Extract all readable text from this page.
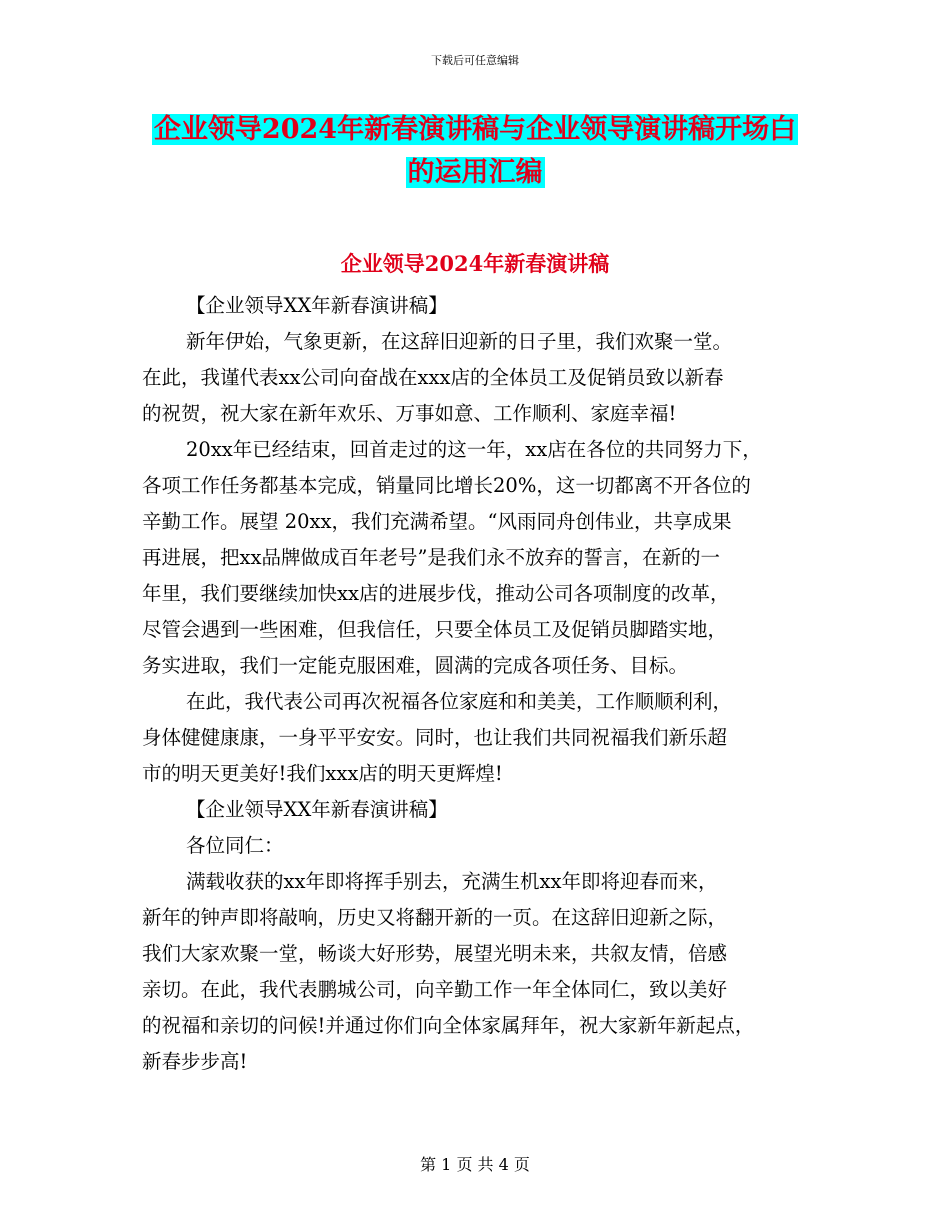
下载后可任意编辑
企业领导2024年新春演讲稿与企业领导演讲稿开场白
的运用汇编
企业领导2024年新春演讲稿
【企业领导XX年新春演讲稿】
新年伊始，气象更新，在这辞旧迎新的日子里，我们欢聚一堂。
在此，我谨代表xx公司向奋战在xxx店的全体员工及促销员致以新春
的祝贺，祝大家在新年欢乐、万事如意、工作顺利、家庭幸福!
20xx年已经结束，回首走过的这一年，xx店在各位的共同努力下，
各项工作任务都基本完成，销量同比增长20%，这一切都离不开各位的
辛勤工作。展望 20xx，我们充满希望。“风雨同舟创伟业，共享成果
再进展，把xx品牌做成百年老号”是我们永不放弃的誓言，在新的一
年里，我们要继续加快xx店的进展步伐，推动公司各项制度的改革，
尽管会遇到一些困难，但我信任，只要全体员工及促销员脚踏实地，
务实进取，我们一定能克服困难，圆满的完成各项任务、目标。
在此，我代表公司再次祝福各位家庭和和美美，工作顺顺利利，
身体健健康康，一身平平安安。同时，也让我们共同祝福我们新乐超
市的明天更美好!我们xxx店的明天更辉煌!
【企业领导XX年新春演讲稿】
各位同仁：
满载收获的xx年即将挥手别去，充满生机xx年即将迎春而来，
新年的钟声即将敲响，历史又将翻开新的一页。在这辞旧迎新之际，
我们大家欢聚一堂，畅谈大好形势，展望光明未来，共叙友情，倍感
亲切。在此，我代表鹏城公司，向辛勤工作一年全体同仁，致以美好
的祝福和亲切的问候!并通过你们向全体家属拜年，祝大家新年新起点，
新春步步高!
第 1 页 共 4 页
